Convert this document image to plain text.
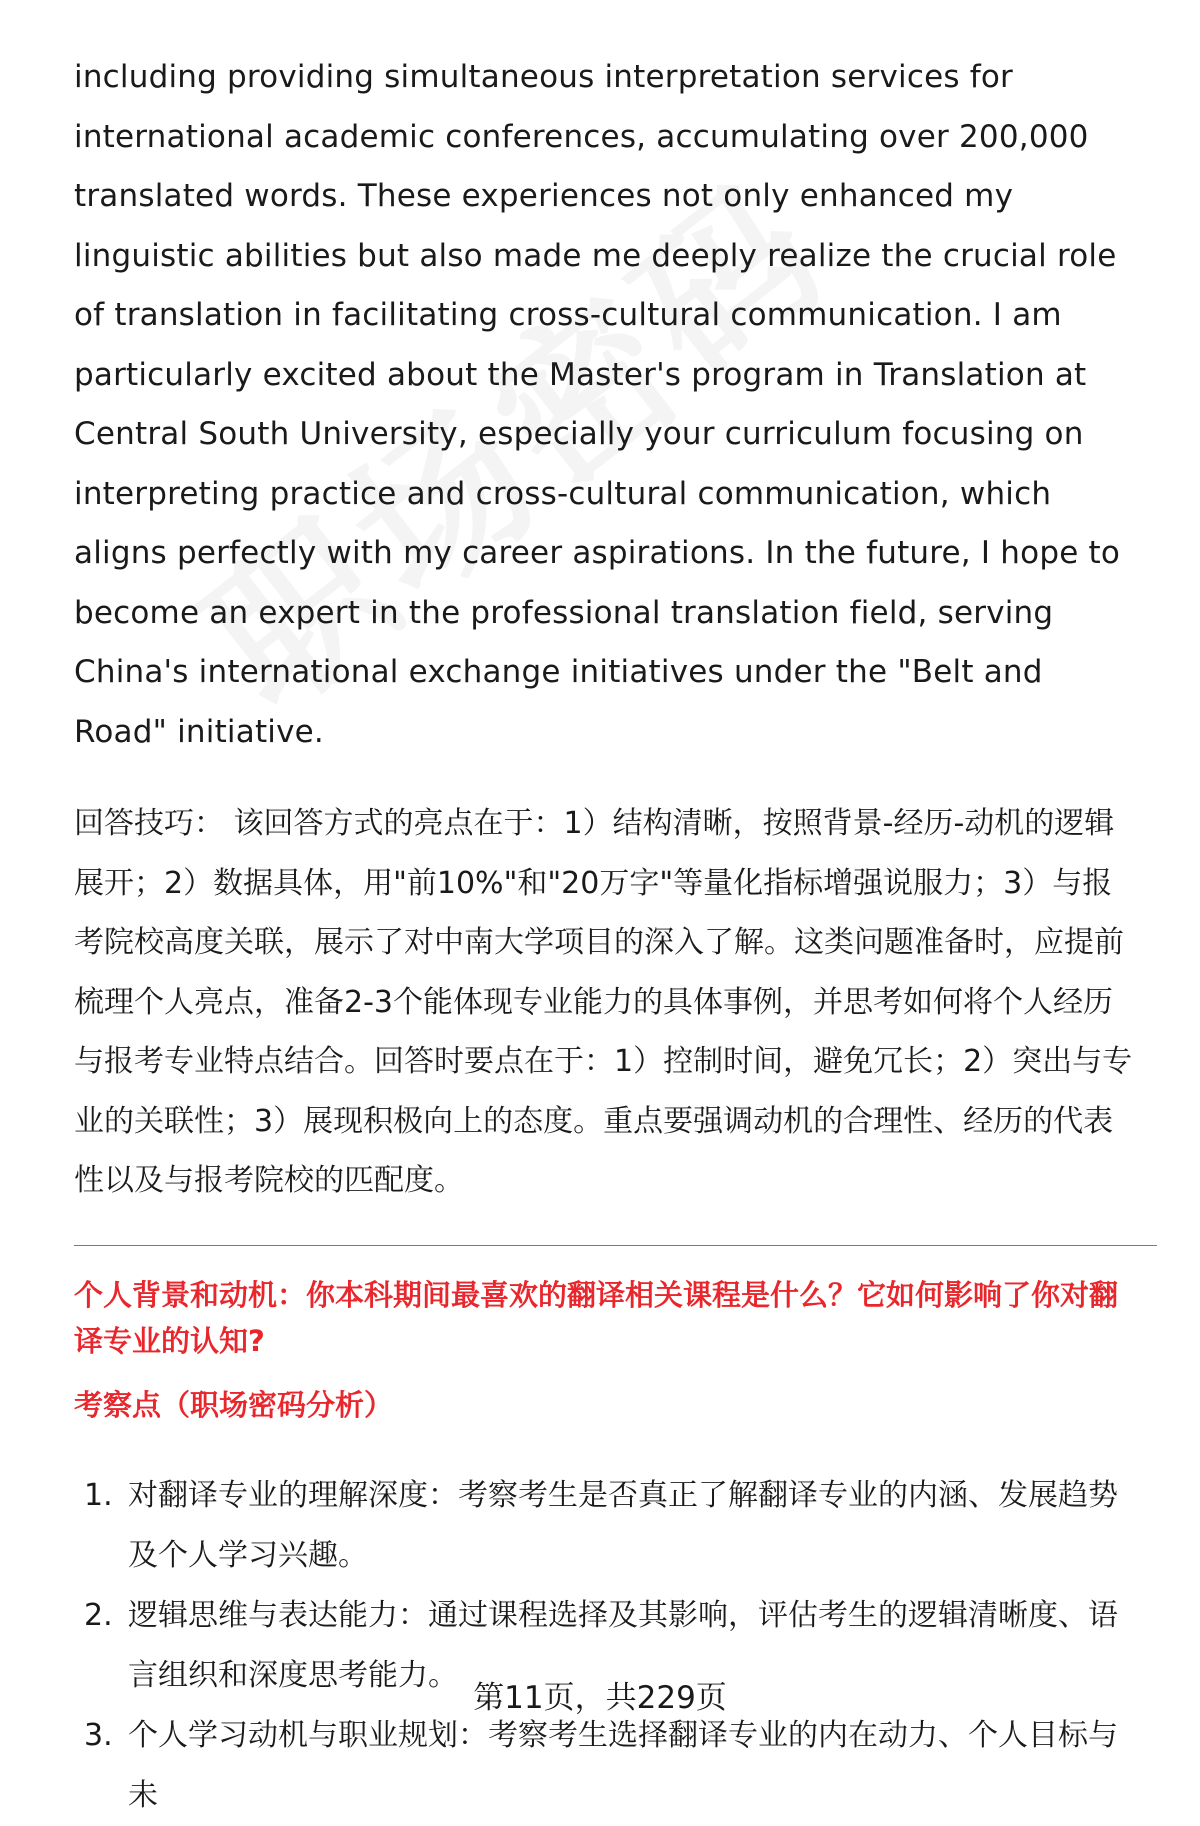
including providing simultaneous interpretation services for international academic conferences, accumulating over 200,000 translated words. These experiences not only enhanced my linguistic abilities but also made me deeply realize the crucial role of translation in facilitating cross-cultural communication. I am particularly excited about the Master's program in Translation at Central South University, especially your curriculum focusing on interpreting practice and cross-cultural communication, which aligns perfectly with my career aspirations. In the future, I hope to become an expert in the professional translation field, serving China's international exchange initiatives under the "Belt and Road" initiative.

回答技巧： 该回答方式的亮点在于：1）结构清晰，按照背景-经历-动机的逻辑展开；2）数据具体，用"前10%"和"20万字"等量化指标增强说服力；3）与报考院校高度关联，展示了对中南大学项目的深入了解。这类问题准备时，应提前梳理个人亮点，准备2-3个能体现专业能力的具体事例，并思考如何将个人经历与报考专业特点结合。回答时要点在于：1）控制时间，避免冗长；2）突出与专业的关联性；3）展现积极向上的态度。重点要强调动机的合理性、经历的代表性以及与报考院校的匹配度。
个人背景和动机：你本科期间最喜欢的翻译相关课程是什么？它如何影响了你对翻译专业的认知?
考察点（职场密码分析）
1. 对翻译专业的理解深度：考察考生是否真正了解翻译专业的内涵、发展趋势及个人学习兴趣。
2. 逻辑思维与表达能力：通过课程选择及其影响，评估考生的逻辑清晰度、语言组织和深度思考能力。
3. 个人学习动机与职业规划：考察考生选择翻译专业的内在动力、个人目标与未
第11页，共229页
